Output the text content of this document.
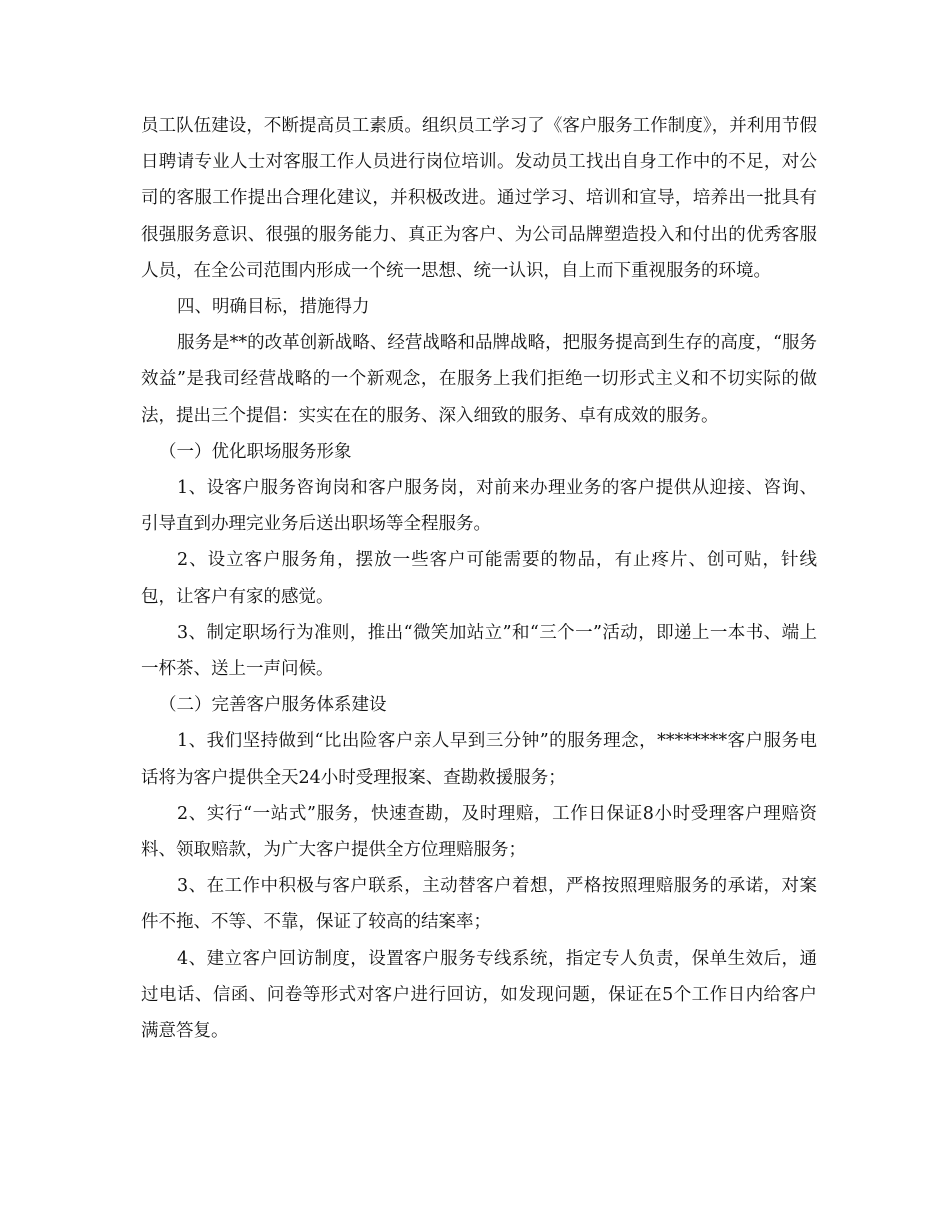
员工队伍建设，不断提高员工素质。组织员工学习了《客户服务工作制度》，并利用节假日聘请专业人士对客服工作人员进行岗位培训。发动员工找出自身工作中的不足，对公司的客服工作提出合理化建议，并积极改进。通过学习、培训和宣导，培养出一批具有很强服务意识、很强的服务能力、真正为客户、为公司品牌塑造投入和付出的优秀客服人员，在全公司范围内形成一个统一思想、统一认识，自上而下重视服务的环境。

四、明确目标，措施得力

服务是**的改革创新战略、经营战略和品牌战略，把服务提高到生存的高度，“服务效益”是我司经营战略的一个新观念，在服务上我们拒绝一切形式主义和不切实际的做法，提出三个提倡：实实在在的服务、深入细致的服务、卓有成效的服务。

（一）优化职场服务形象

1、设客户服务咨询岗和客户服务岗，对前来办理业务的客户提供从迎接、咨询、引导直到办理完业务后送出职场等全程服务。

2、设立客户服务角，摆放一些客户可能需要的物品，有止疼片、创可贴，针线包，让客户有家的感觉。

3、制定职场行为准则，推出“微笑加站立”和“三个一”活动，即递上一本书、端上一杯茶、送上一声问候。

（二）完善客户服务体系建设

1、我们坚持做到“比出险客户亲人早到三分钟”的服务理念，********客户服务电话将为客户提供全天24小时受理报案、查勘救援服务；

2、实行“一站式”服务，快速查勘，及时理赔，工作日保证8小时受理客户理赔资料、领取赔款，为广大客户提供全方位理赔服务；

3、在工作中积极与客户联系，主动替客户着想，严格按照理赔服务的承诺，对案件不拖、不等、不靠，保证了较高的结案率；

4、建立客户回访制度，设置客户服务专线系统，指定专人负责，保单生效后，通过电话、信函、问卷等形式对客户进行回访，如发现问题，保证在5个工作日内给客户满意答复。
